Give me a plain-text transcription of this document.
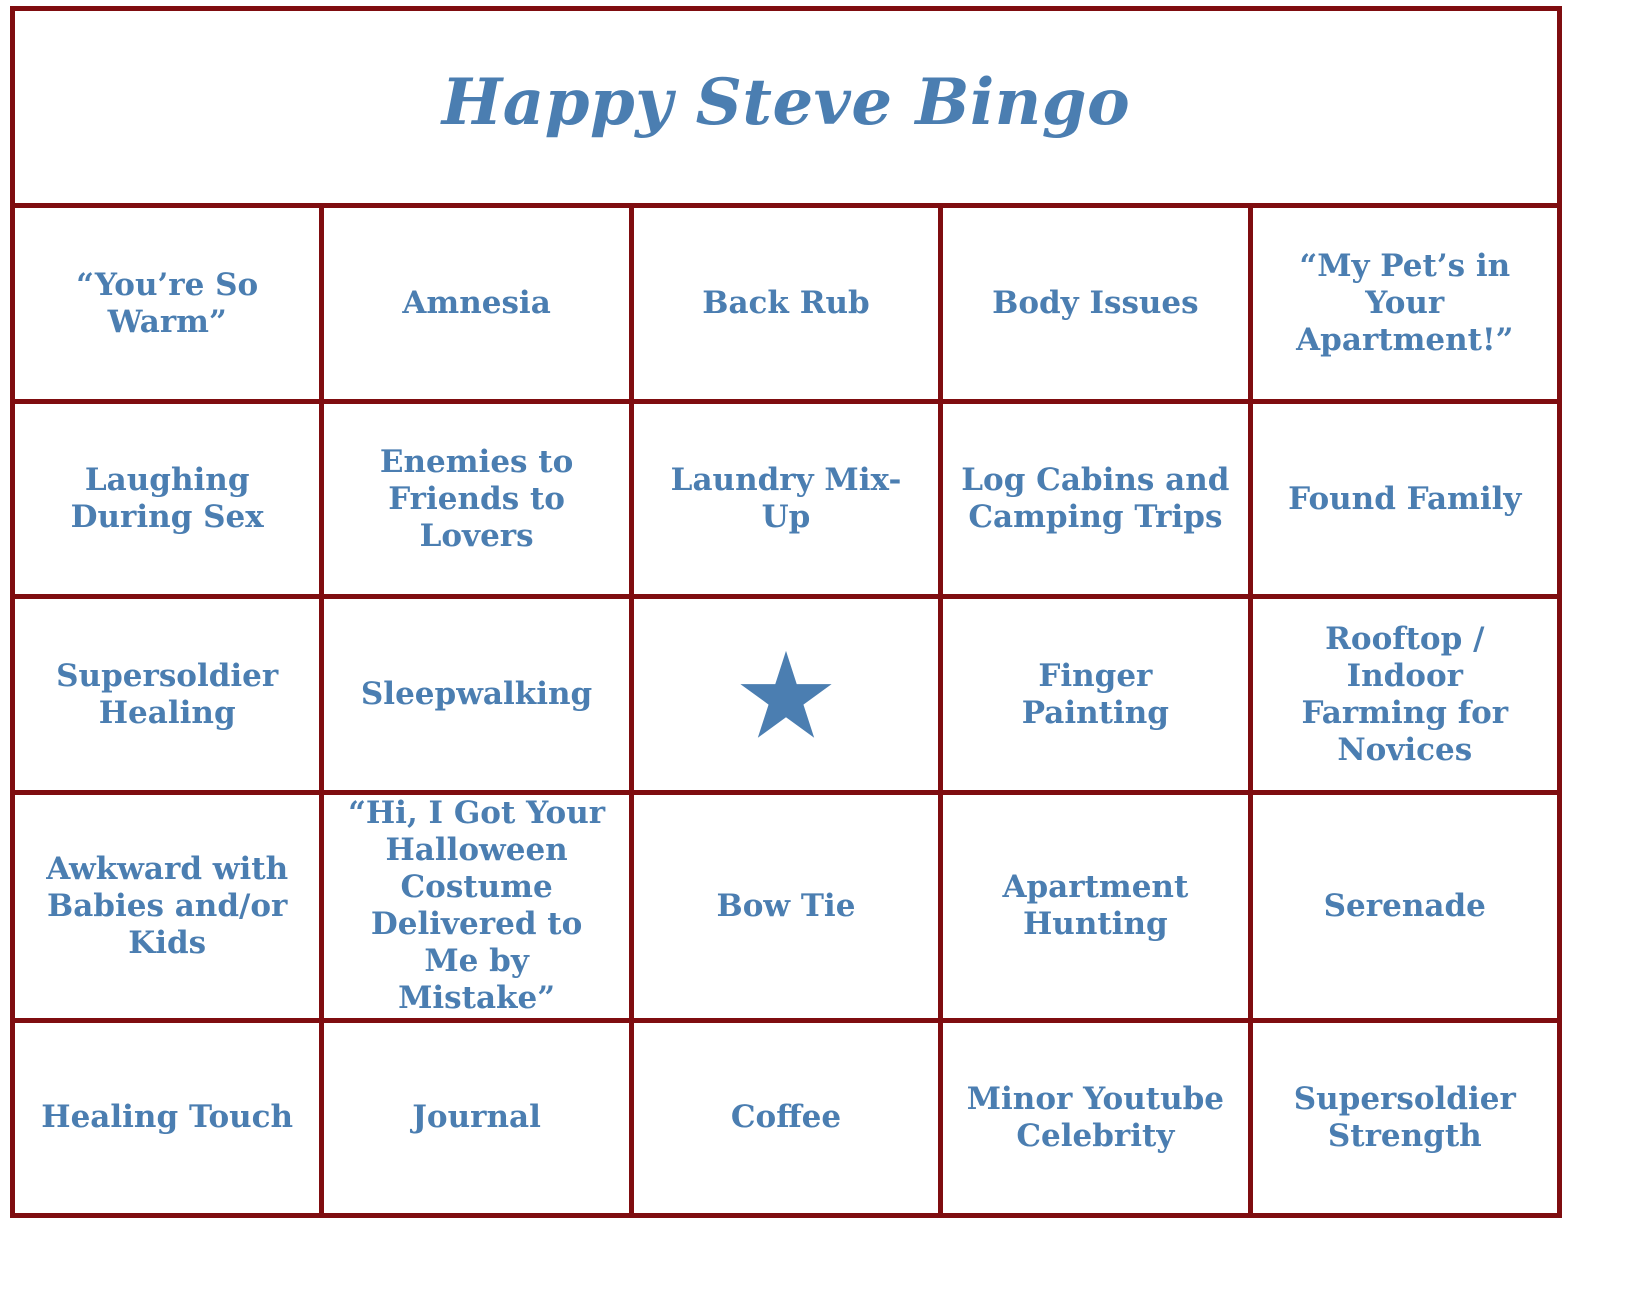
Happy Steve Bingo				
“You’re So Warm”	Amnesia	Back Rub	Body Issues	“My Pet’s in Your Apartment!”
Laughing During Sex	Enemies to Friends to Lovers	Laundry Mix-Up	Log Cabins and Camping Trips	Found Family
Supersoldier Healing	Sleepwalking		Finger Painting	Rooftop / Indoor Farming for Novices
Awkward with Babies and/or Kids	“Hi, I Got Your Halloween Costume Delivered to Me by Mistake”	Bow Tie	Apartment Hunting	Serenade
Healing Touch	Journal	Coffee	Minor Youtube Celebrity	Supersoldier Strength
